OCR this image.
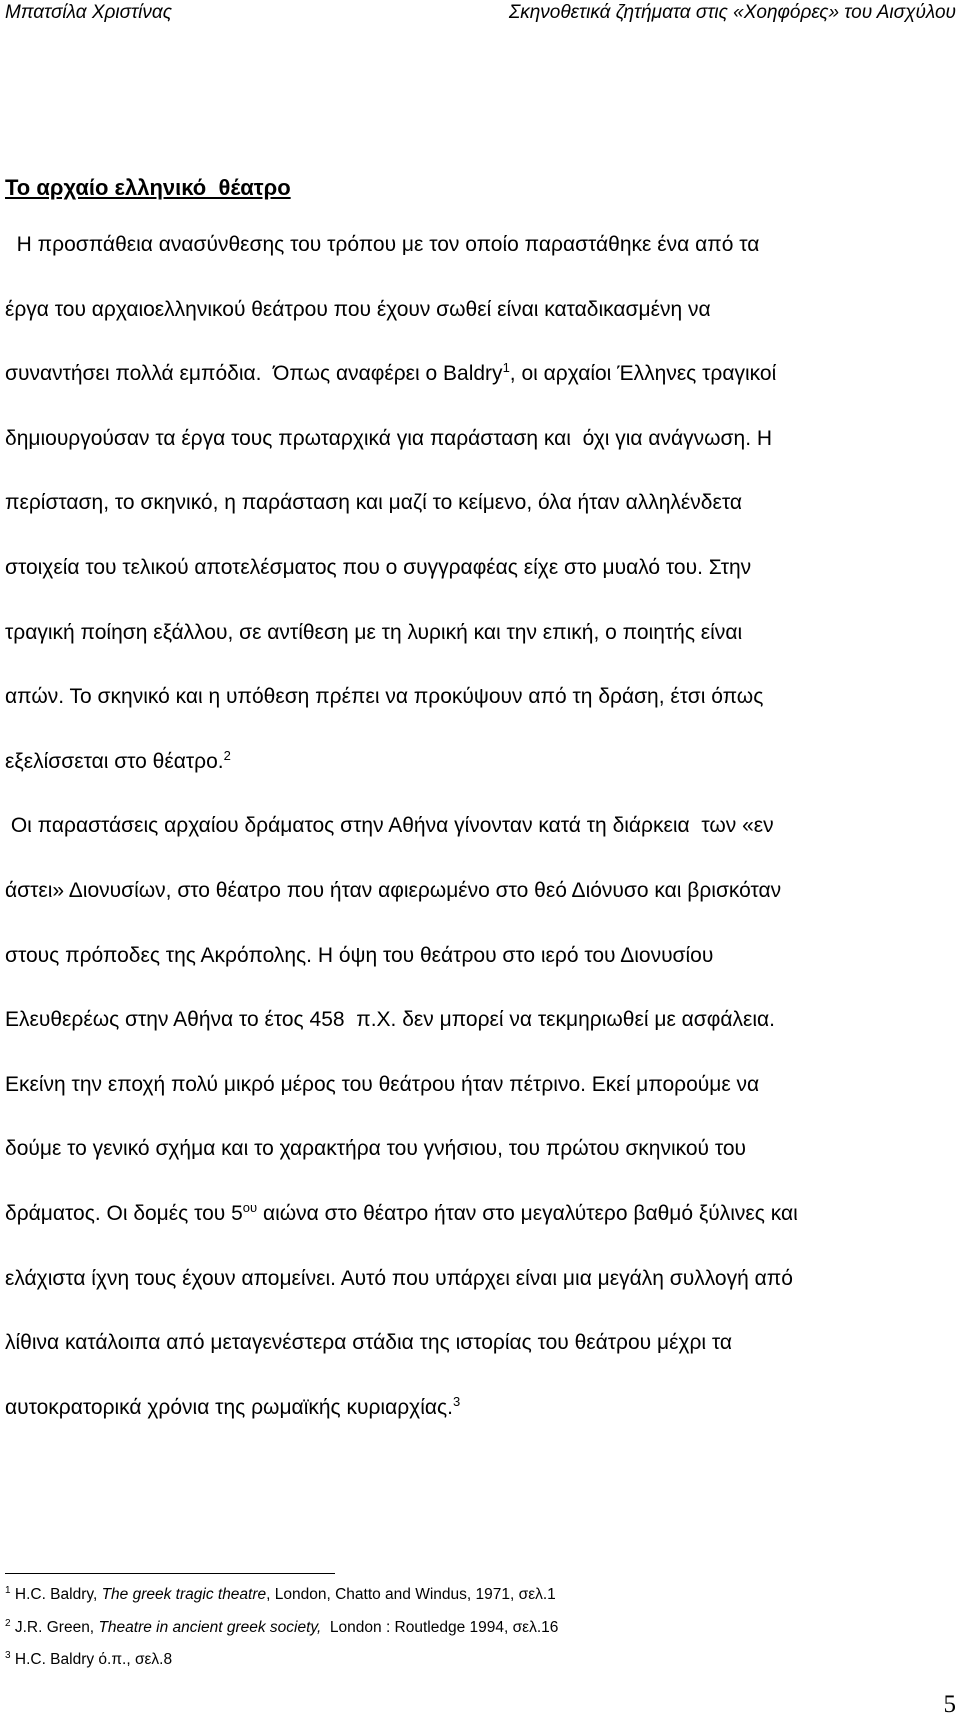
Μπατσίλα Χριστίνας	Σκηνοθετικά ζητήματα στις «Χοηφόρες» του Αισχύλου
Το αρχαίο ελληνικό  θέατρο
Η προσπάθεια ανασύνθεσης του τρόπου με τον οποίο παραστάθηκε ένα από τα
έργα του αρχαιοελληνικού θεάτρου που έχουν σωθεί είναι καταδικασμένη να
συναντήσει πολλά εμπόδια.  Όπως αναφέρει ο Baldry$^1$, οι αρχαίοι Έλληνες τραγικοί
δημιουργούσαν τα έργα τους πρωταρχικά για παράσταση και  όχι για ανάγνωση. Η
περίσταση, το σκηνικό, η παράσταση και μαζί το κείμενο, όλα ήταν αλληλένδετα
στοιχεία του τελικού αποτελέσματος που ο συγγραφέας είχε στο μυαλό του. Στην
τραγική ποίηση εξάλλου, σε αντίθεση με τη λυρική και την επική, ο ποιητής είναι
απών. Το σκηνικό και η υπόθεση πρέπει να προκύψουν από τη δράση, έτσι όπως
εξελίσσεται στο θέατρο.$^2$
Οι παραστάσεις αρχαίου δράματος στην Αθήνα γίνονταν κατά τη διάρκεια  των «εν
άστει» Διονυσίων, στο θέατρο που ήταν αφιερωμένο στο θεό Διόνυσο και βρισκόταν
στους πρόποδες της Ακρόπολης. Η όψη του θεάτρου στο ιερό του Διονυσίου
Ελευθερέως στην Αθήνα το έτος 458  π.Χ. δεν μπορεί να τεκμηριωθεί με ασφάλεια.
Εκείνη την εποχή πολύ μικρό μέρος του θεάτρου ήταν πέτρινο. Εκεί μπορούμε να
δούμε το γενικό σχήμα και το χαρακτήρα του γνήσιου, του πρώτου σκηνικού του
δράματος. Οι δομές του $5^{o\upsilon}$ αιώνα στο θέατρο ήταν στο μεγαλύτερο βαθμό ξύλινες και
ελάχιστα ίχνη τους έχουν απομείνει. Αυτό που υπάρχει είναι μια μεγάλη συλλογή από
λίθινα κατάλοιπα από μεταγενέστερα στάδια της ιστορίας του θεάτρου μέχρι τα
αυτοκρατορικά χρόνια της ρωμαϊκής κυριαρχίας.$^3$
$^1$ H.C. Baldry, The greek tragic theatre, London, Chatto and Windus, 1971, σελ.1
$^2$ J.R. Green, Theatre in ancient greek society,  London : Routledge 1994, σελ.16
$^3$ H.C. Baldry ό.π., σελ.8
5
